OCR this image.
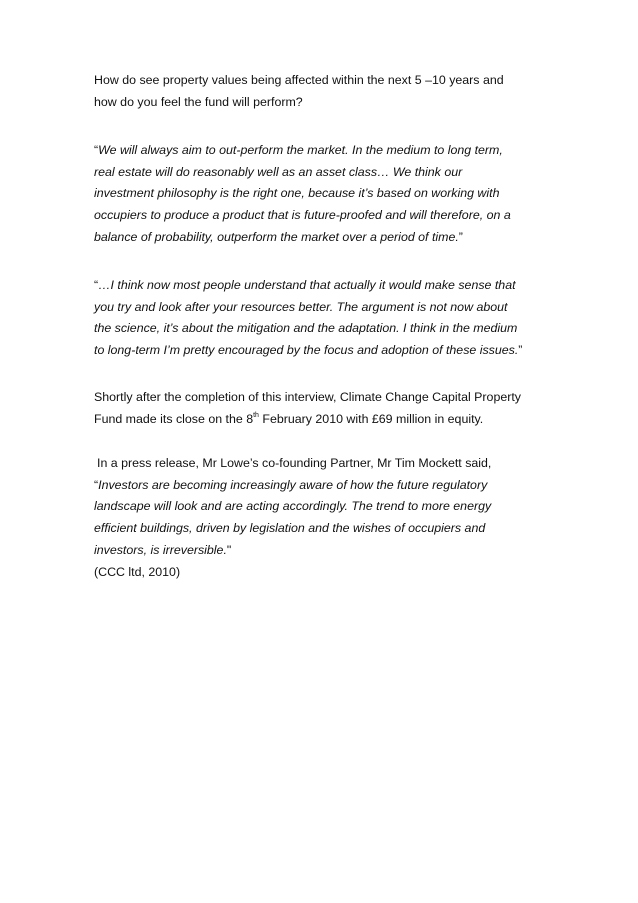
How do see property values being affected within the next 5 –10 years and

how do you feel the fund will perform?

“We will always aim to out-perform the market. In the medium to long term,

real estate will do reasonably well as an asset class… We think our

investment philosophy is the right one, because it’s based on working with

occupiers to produce a product that is future-proofed and will therefore, on a

balance of probability, outperform the market over a period of time.”

“…I think now most people understand that actually it would make sense that

you try and look after your resources better. The argument is not now about

the science, it’s about the mitigation and the adaptation. I think in the medium

to long-term I’m pretty encouraged by the focus and adoption of these issues.”

Shortly after the completion of this interview, Climate Change Capital Property

Fund made its close on the 8th February 2010 with £69 million in equity.

In a press release, Mr Lowe’s co-founding Partner, Mr Tim Mockett said,

“Investors are becoming increasingly aware of how the future regulatory

landscape will look and are acting accordingly. The trend to more energy

efficient buildings, driven by legislation and the wishes of occupiers and

investors, is irreversible."

(CCC ltd, 2010)
